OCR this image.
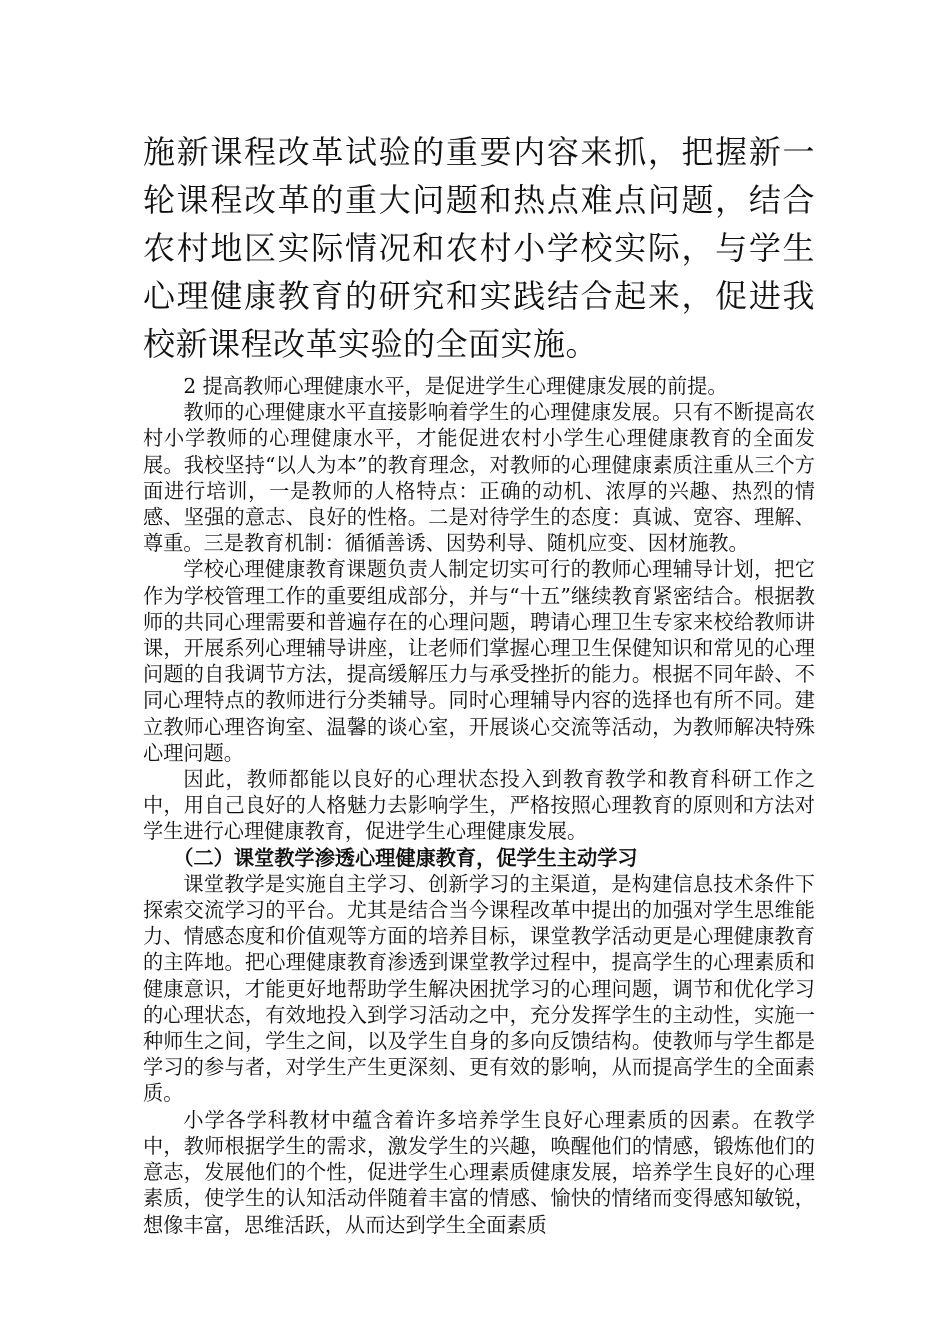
施新课程改革试验的重要内容来抓，把握新一轮课程改革的重大问题和热点难点问题，结合农村地区实际情况和农村小学校实际，与学生心理健康教育的研究和实践结合起来，促进我校新课程改革实验的全面实施。

2 提高教师心理健康水平，是促进学生心理健康发展的前提。

教师的心理健康水平直接影响着学生的心理健康发展。只有不断提高农村小学教师的心理健康水平，才能促进农村小学生心理健康教育的全面发展。我校坚持“以人为本”的教育理念，对教师的心理健康素质注重从三个方面进行培训，一是教师的人格特点：正确的动机、浓厚的兴趣、热烈的情感、坚强的意志、良好的性格。二是对待学生的态度：真诚、宽容、理解、尊重。三是教育机制：循循善诱、因势利导、随机应变、因材施教。

学校心理健康教育课题负责人制定切实可行的教师心理辅导计划，把它作为学校管理工作的重要组成部分，并与“十五”继续教育紧密结合。根据教师的共同心理需要和普遍存在的心理问题，聘请心理卫生专家来校给教师讲课，开展系列心理辅导讲座，让老师们掌握心理卫生保健知识和常见的心理问题的自我调节方法，提高缓解压力与承受挫折的能力。根据不同年龄、不同心理特点的教师进行分类辅导。同时心理辅导内容的选择也有所不同。建立教师心理咨询室、温馨的谈心室，开展谈心交流等活动，为教师解决特殊心理问题。

因此，教师都能以良好的心理状态投入到教育教学和教育科研工作之中，用自己良好的人格魅力去影响学生，严格按照心理教育的原则和方法对学生进行心理健康教育，促进学生心理健康发展。

（二）课堂教学渗透心理健康教育，促学生主动学习

课堂教学是实施自主学习、创新学习的主渠道，是构建信息技术条件下探索交流学习的平台。尤其是结合当今课程改革中提出的加强对学生思维能力、情感态度和价值观等方面的培养目标，课堂教学活动更是心理健康教育的主阵地。把心理健康教育渗透到课堂教学过程中，提高学生的心理素质和健康意识，才能更好地帮助学生解决困扰学习的心理问题，调节和优化学习的心理状态，有效地投入到学习活动之中，充分发挥学生的主动性，实施一种师生之间，学生之间，以及学生自身的多向反馈结构。使教师与学生都是学习的参与者，对学生产生更深刻、更有效的影响，从而提高学生的全面素质。

小学各学科教材中蕴含着许多培养学生良好心理素质的因素。在教学中，教师根据学生的需求，激发学生的兴趣，唤醒他们的情感，锻炼他们的意志，发展他们的个性，促进学生心理素质健康发展，培养学生良好的心理素质，使学生的认知活动伴随着丰富的情感、愉快的情绪而变得感知敏锐，想像丰富，思维活跃，从而达到学生全面素质
